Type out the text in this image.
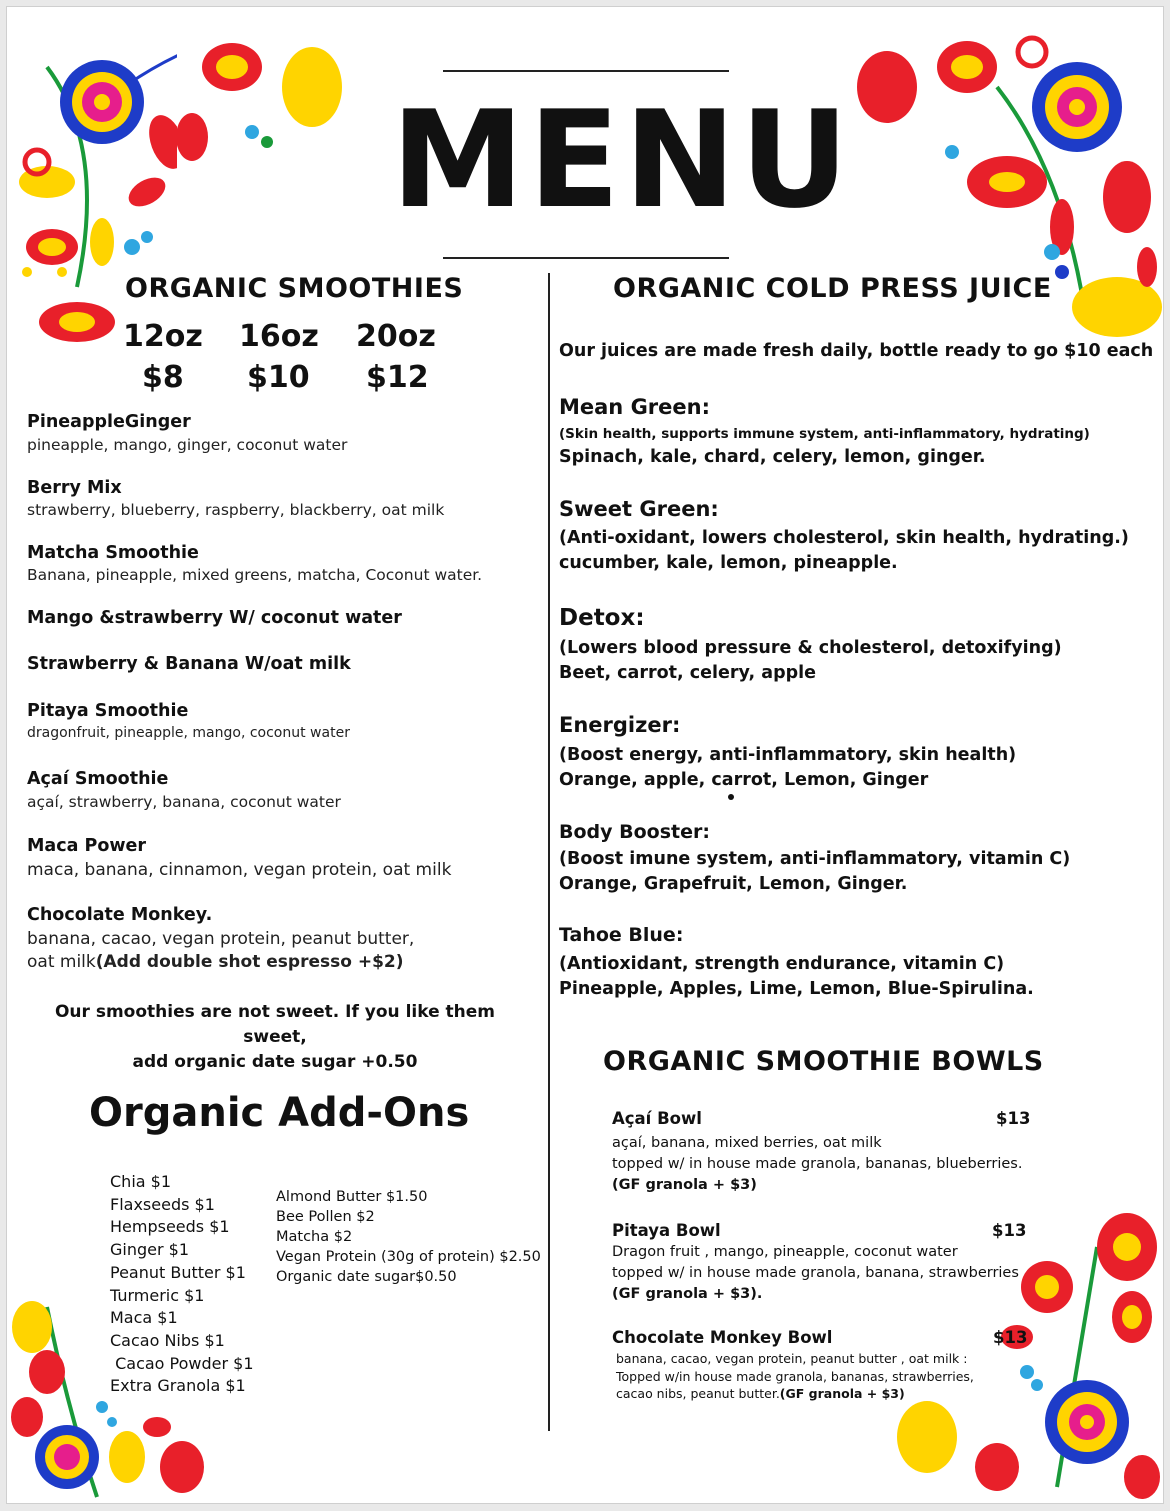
MENU
ORGANIC SMOOTHIES
12oz 16oz 20oz
$8 $10 $12
PineappleGinger
pineapple, mango, ginger, coconut water
Berry Mix
strawberry, blueberry, raspberry, blackberry, oat milk
Matcha Smoothie
Banana, pineapple, mixed greens, matcha, Coconut water.
Mango &strawberry W/ coconut water
Strawberry & Banana W/oat milk
Pitaya Smoothie
dragonfruit, pineapple, mango, coconut water
Açaí Smoothie
açaí, strawberry, banana, coconut water
Maca Power
maca, banana, cinnamon, vegan protein, oat milk
Chocolate Monkey.
banana, cacao, vegan protein, peanut butter,
oat milk(Add double shot espresso +$2)
Our smoothies are not sweet. If you like them sweet,
add organic date sugar +0.50
Organic Add-Ons
Chia $1
Flaxseeds $1
Hempseeds $1
Ginger $1
Peanut Butter $1
Turmeric $1
Maca $1
Cacao Nibs $1
Cacao Powder $1
Extra Granola $1
Almond Butter $1.50
Bee Pollen $2
Matcha $2
Vegan Protein (30g of protein) $2.50
Organic date sugar$0.50
ORGANIC COLD PRESS JUICE
Our juices are made fresh daily, bottle ready to go $10 each
Mean Green:
(Skin health, supports immune system, anti-inflammatory, hydrating)
Spinach, kale, chard, celery, lemon, ginger.
Sweet Green:
(Anti-oxidant, lowers cholesterol, skin health, hydrating.)
cucumber, kale, lemon, pineapple.
Detox:
(Lowers blood pressure & cholesterol, detoxifying)
Beet, carrot, celery, apple
Energizer:
(Boost energy, anti-inflammatory, skin health)
Orange, apple, carrot, Lemon, Ginger
Body Booster:
(Boost imune system, anti-inflammatory, vitamin C)
Orange, Grapefruit, Lemon, Ginger.
Tahoe Blue:
(Antioxidant, strength endurance, vitamin C)
Pineapple, Apples, Lime, Lemon, Blue-Spirulina.
ORGANIC SMOOTHIE BOWLS
Açaí Bowl	$13
açaí, banana, mixed berries, oat milk
topped w/ in house made granola, bananas, blueberries.
(GF granola + $3)
Pitaya Bowl	$13
Dragon fruit , mango, pineapple, coconut water
topped w/ in house made granola, banana, strawberries
(GF granola + $3).
Chocolate Monkey Bowl	$13
banana, cacao, vegan protein, peanut butter , oat milk :
Topped w/in house made granola, bananas, strawberries,
cacao nibs, peanut butter.(GF granola + $3)
